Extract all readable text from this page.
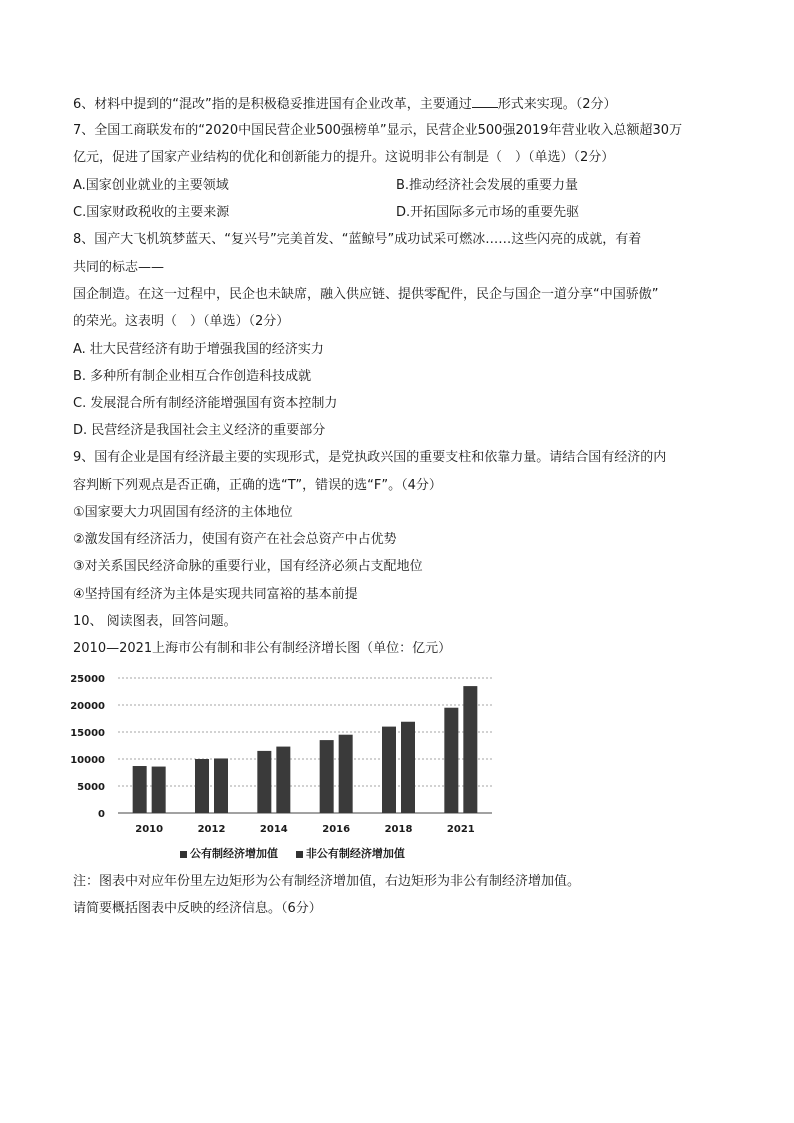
6、材料中提到的“混改”指的是积极稳妥推进国有企业改革，主要通过 形式来实现。（2分）
7、全国工商联发布的“2020中国民营企业500强榜单”显示，民营企业500强2019年营业收入总额超30万
亿元，促进了国家产业结构的优化和创新能力的提升。这说明非公有制是（　）（单选）（2分）
A.国家创业就业的主要领域	B.推动经济社会发展的重要力量
C.国家财政税收的主要来源	D.开拓国际多元市场的重要先驱
8、国产大飞机筑梦蓝天、“复兴号”完美首发、“蓝鲸号”成功试采可燃冰……这些闪亮的成就，有着
共同的标志——
国企制造。在这一过程中，民企也未缺席，融入供应链、提供零配件，民企与国企一道分享“中国骄傲”
的荣光。这表明（　）（单选）（2分）
A. 壮大民营经济有助于增强我国的经济实力
B. 多种所有制企业相互合作创造科技成就
C. 发展混合所有制经济能增强国有资本控制力
D. 民营经济是我国社会主义经济的重要部分
9、国有企业是国有经济最主要的实现形式，是党执政兴国的重要支柱和依靠力量。请结合国有经济的内
容判断下列观点是否正确，正确的选“T”，错误的选“F”。（4分）
①国家要大力巩固国有经济的主体地位
②激发国有经济活力，使国有资产在社会总资产中占优势
③对关系国民经济命脉的重要行业，国有经济必须占支配地位
④坚持国有经济为主体是实现共同富裕的基本前提
10、 阅读图表，回答问题。
2010—2021上海市公有制和非公有制经济增长图（单位：亿元）
0
5000
10000
15000
20000
25000
2010	2012	2014	2016	2018	2021
公有制经济增加值	非公有制经济增加值
注：图表中对应年份里左边矩形为公有制经济增加值，右边矩形为非公有制经济增加值。
请简要概括图表中反映的经济信息。（6分）
